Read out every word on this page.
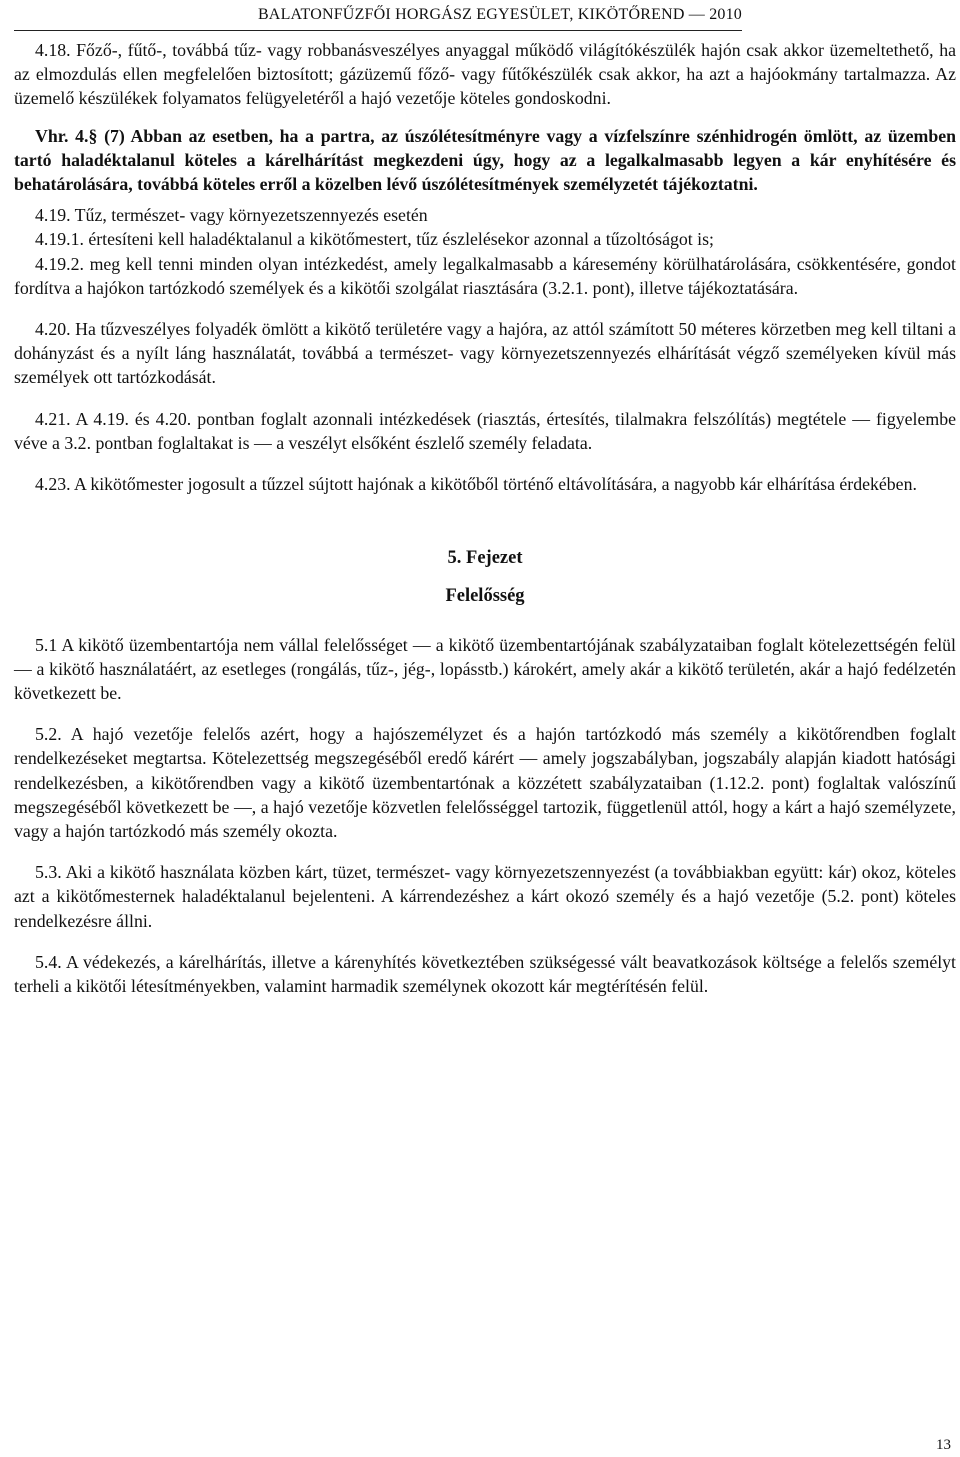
BALATONFŰZFŐI HORGÁSZ EGYESÜLET, KIKÖTŐREND — 2010

4.18. Főző-, fűtő-, továbbá tűz- vagy robbanásveszélyes anyaggal működő világítókészülék hajón csak akkor üzemeltethető, ha az elmozdulás ellen megfelelően biztosított; gázüzemű főző- vagy fűtőkészülék csak akkor, ha azt a hajóokmány tartalmazza. Az üzemelő készülékek folyamatos felügyeletéről a hajó vezetője köteles gondoskodni.

Vhr. 4.§ (7) Abban az esetben, ha a partra, az úszólétesítményre vagy a vízfelszínre szénhidrogén ömlött, az üzemben tartó haladéktalanul köteles a kárelhárítást megkezdeni úgy, hogy az a legalkalmasabb legyen a kár enyhítésére és behatárolására, továbbá köteles erről a közelben lévő úszólétesítmények személyzetét tájékoztatni.

4.19. Tűz, természet- vagy környezetszennyezés esetén

4.19.1. értesíteni kell haladéktalanul a kikötőmestert, tűz észlelésekor azonnal a tűzoltóságot is;

4.19.2. meg kell tenni minden olyan intézkedést, amely legalkalmasabb a káresemény körülhatárolására, csökkentésére, gondot fordítva a hajókon tartózkodó személyek és a kikötői szolgálat riasztására (3.2.1. pont), illetve tájékoztatására.

4.20. Ha tűzveszélyes folyadék ömlött a kikötő területére vagy a hajóra, az attól számított 50 méteres körzetben meg kell tiltani a dohányzást és a nyílt láng használatát, továbbá a természet- vagy környezetszennyezés elhárítását végző személyeken kívül más személyek ott tartózkodását.

4.21. A 4.19. és 4.20. pontban foglalt azonnali intézkedések (riasztás, értesítés, tilalmakra felszólítás) megtétele — figyelembe véve a 3.2. pontban foglaltakat is — a veszélyt elsőként észlelő személy feladata.

4.23. A kikötőmester jogosult a tűzzel sújtott hajónak a kikötőből történő eltávolítására, a nagyobb kár elhárítása érdekében.

5. Fejezet

Felelősség

5.1 A kikötő üzembentartója nem vállal felelősséget — a kikötő üzembentartójának szabályzataiban foglalt kötelezettségén felül — a kikötő használatáért, az esetleges (rongálás, tűz-, jég-, lopásstb.) károkért, amely akár a kikötő területén, akár a hajó fedélzetén következett be.

5.2. A hajó vezetője felelős azért, hogy a hajószemélyzet és a hajón tartózkodó más személy a kikötőrendben foglalt rendelkezéseket megtartsa. Kötelezettség megszegéséből eredő kárért — amely jogszabályban, jogszabály alapján kiadott hatósági rendelkezésben, a kikötőrendben vagy a kikötő üzembentartónak a közzétett szabályzataiban (1.12.2. pont) foglaltak valószínű megszegéséből következett be —, a hajó vezetője közvetlen felelősséggel tartozik, függetlenül attól, hogy a kárt a hajó személyzete, vagy a hajón tartózkodó más személy okozta.

5.3. Aki a kikötő használata közben kárt, tüzet, természet- vagy környezetszennyezést (a továbbiakban együtt: kár) okoz, köteles azt a kikötőmesternek haladéktalanul bejelenteni. A kárrendezéshez a kárt okozó személy és a hajó vezetője (5.2. pont) köteles rendelkezésre állni.

5.4. A védekezés, a kárelhárítás, illetve a kárenyhítés következtében szükségessé vált beavatkozások költsége a felelős személyt terheli a kikötői létesítményekben, valamint harmadik személynek okozott kár megtérítésén felül.

13
